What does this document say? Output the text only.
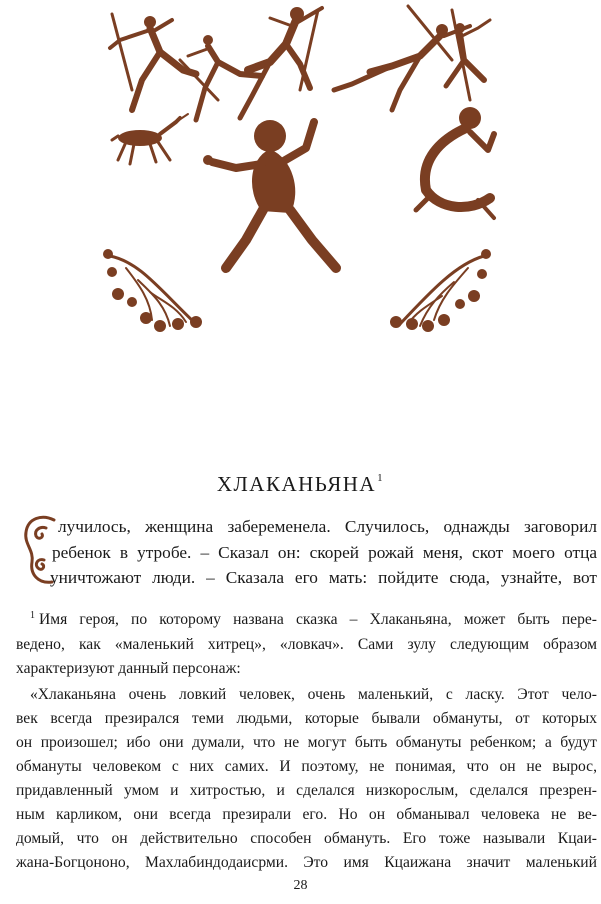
ХЛАКАНЬЯНА$^1$
лучилось, женщина забеременела. Случилось, однажды заговорил
ребенок в утробе. – Сказал он: скорей рожай меня, скот моего отца
уничтожают люди. – Сказала его мать: пойдите сюда, узнайте, вот
$^1$ Имя героя, по которому названа сказка – Хлаканьяна, может быть пере-
ведено, как «маленький хитрец», «ловкач». Сами зулу следующим образом
характеризуют данный персонаж:
«Хлаканьяна очень ловкий человек, очень маленький, с ласку. Этот чело-
век всегда презирался теми людьми, которые бывали обмануты, от которых
он произошел; ибо они думали, что не могут быть обмануты ребенком; а будут
обмануты человеком с них самих. И поэтому, не понимая, что он не вырос,
придавленный умом и хитростью, и сделался низкорослым, сделался презрен-
ным карликом, они всегда презирали его. Но он обманывал человека не ве-
домый, что он действительно способен обмануть. Его тоже называли Кцаи-
жана-Богцононо, Махлабиндодаисрми. Это имя Кцаижана значит маленький
28
